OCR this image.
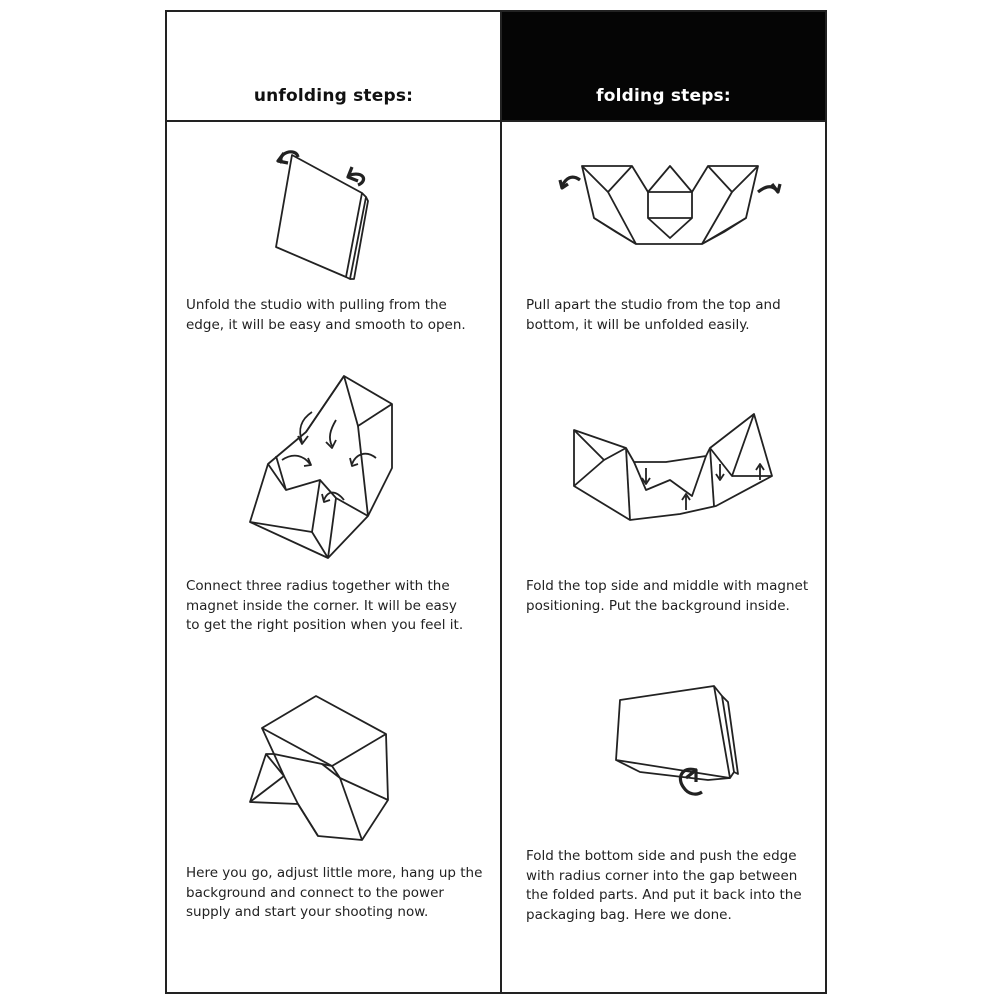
unfolding steps:	folding steps:

Unfold the studio with pulling from the
edge, it will be easy and smooth to open.

Connect three radius together with the
magnet inside the corner. It will be easy
to get the right position when you feel it.

Here you go, adjust little more, hang up the
background and connect to the power
supply and start your shooting now.

Pull apart the studio from the top and
bottom, it will be unfolded easily.

Fold the top side and middle with magnet
positioning. Put the background inside.

Fold the bottom side and push the edge
with radius corner into the gap between
the folded parts. And put it back into the
packaging bag. Here we done.
